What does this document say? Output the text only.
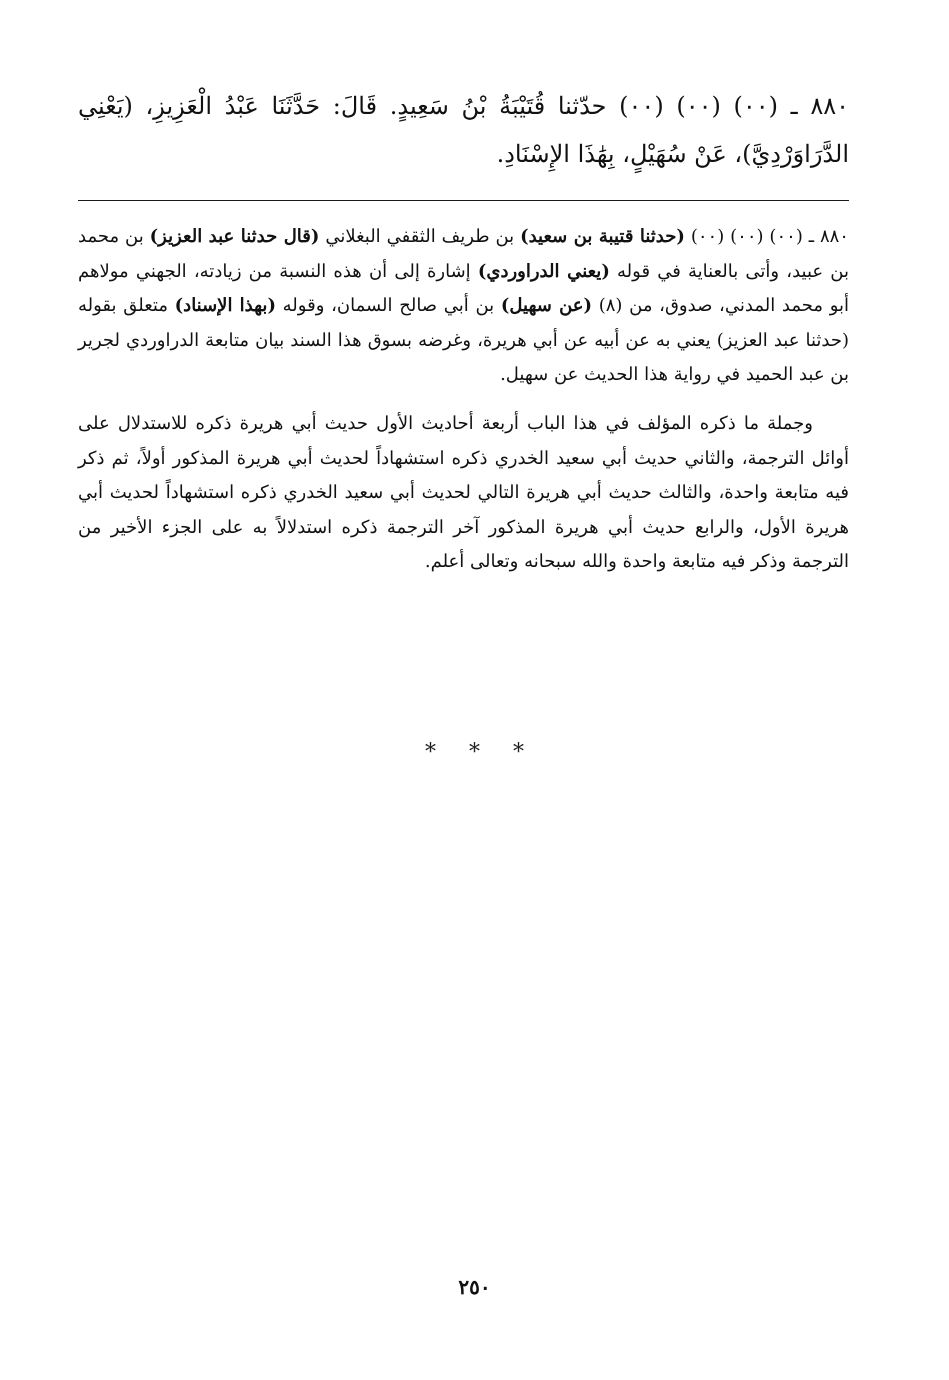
٨٨٠ ـ (٠٠) (٠٠) (٠٠) حدّثنا قُتَيْبَةُ بْنُ سَعِيدٍ. قَالَ: حَدَّثَنَا عَبْدُ الْعَزِيزِ، (يَعْنِي الدَّرَاوَرْدِيَّ)، عَنْ سُهَيْلٍ، بِهَٰذَا الإِسْنَادِ.

٨٨٠ ـ (٠٠) (٠٠) (٠٠) (حدثنا قتيبة بن سعيد) بن طريف الثقفي البغلاني (قال حدثنا عبد العزيز) بن محمد بن عبيد، وأتى بالعناية في قوله (يعني الدراوردي) إشارة إلى أن هذه النسبة من زيادته، الجهني مولاهم أبو محمد المدني، صدوق، من (٨) (عن سهيل) بن أبي صالح السمان، وقوله (بهذا الإسناد) متعلق بقوله (حدثنا عبد العزيز) يعني به عن أبيه عن أبي هريرة، وغرضه بسوق هذا السند بيان متابعة الدراوردي لجرير بن عبد الحميد في رواية هذا الحديث عن سهيل.

وجملة ما ذكره المؤلف في هذا الباب أربعة أحاديث الأول حديث أبي هريرة ذكره للاستدلال على أوائل الترجمة، والثاني حديث أبي سعيد الخدري ذكره استشهاداً لحديث أبي هريرة المذكور أولاً، ثم ذكر فيه متابعة واحدة، والثالث حديث أبي هريرة التالي لحديث أبي سعيد الخدري ذكره استشهاداً لحديث أبي هريرة الأول، والرابع حديث أبي هريرة المذكور آخر الترجمة ذكره استدلالاً به على الجزء الأخير من الترجمة وذكر فيه متابعة واحدة والله سبحانه وتعالى أعلم.

* * *
٢٥٠
